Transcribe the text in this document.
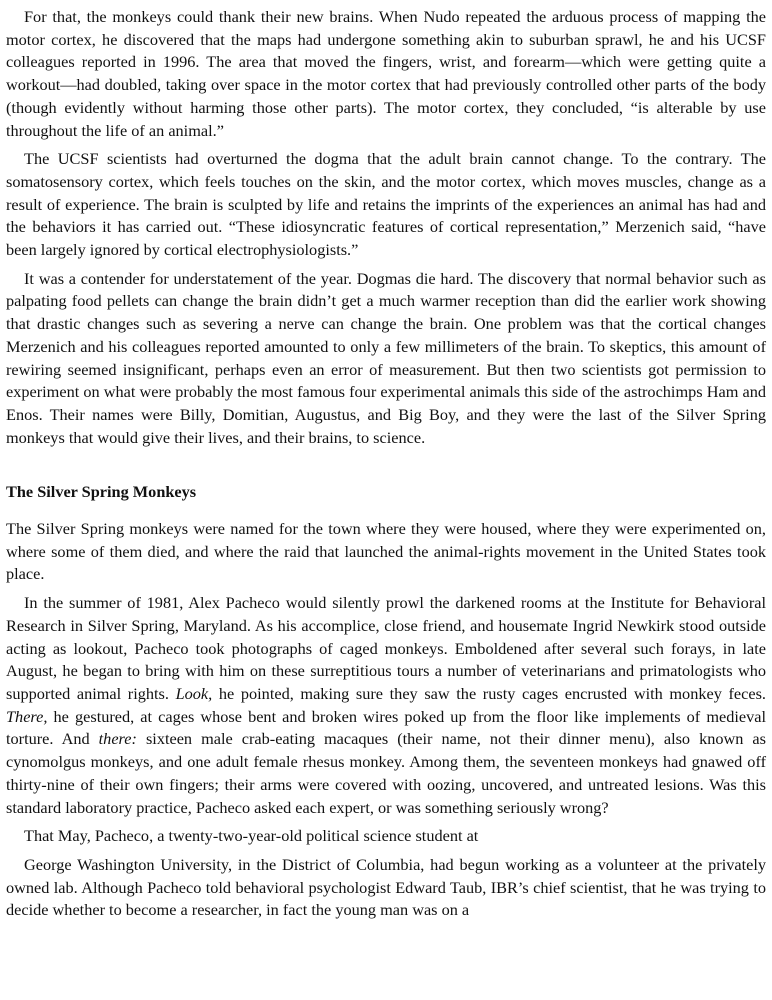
For that, the monkeys could thank their new brains. When Nudo repeated the arduous process of mapping the motor cortex, he discovered that the maps had undergone something akin to suburban sprawl, he and his UCSF colleagues reported in 1996. The area that moved the fingers, wrist, and forearm—which were getting quite a workout—had doubled, taking over space in the motor cortex that had previously controlled other parts of the body (though evidently without harming those other parts). The motor cortex, they concluded, “is alterable by use throughout the life of an animal.”

The UCSF scientists had overturned the dogma that the adult brain cannot change. To the contrary. The somatosensory cortex, which feels touches on the skin, and the motor cortex, which moves muscles, change as a result of experience. The brain is sculpted by life and retains the imprints of the experiences an animal has had and the behaviors it has carried out. “These idiosyncratic features of cortical representation,” Merzenich said, “have been largely ignored by cortical electrophysiologists.”

It was a contender for understatement of the year. Dogmas die hard. The discovery that normal behavior such as palpating food pellets can change the brain didn’t get a much warmer reception than did the earlier work showing that drastic changes such as severing a nerve can change the brain. One problem was that the cortical changes Merzenich and his colleagues reported amounted to only a few millimeters of the brain. To skeptics, this amount of rewiring seemed insignificant, perhaps even an error of measurement. But then two scientists got permission to experiment on what were probably the most famous four experimental animals this side of the astrochimps Ham and Enos. Their names were Billy, Domitian, Augustus, and Big Boy, and they were the last of the Silver Spring monkeys that would give their lives, and their brains, to science.

The Silver Spring Monkeys

The Silver Spring monkeys were named for the town where they were housed, where they were experimented on, where some of them died, and where the raid that launched the animal-rights movement in the United States took place.

In the summer of 1981, Alex Pacheco would silently prowl the darkened rooms at the Institute for Behavioral Research in Silver Spring, Maryland. As his accomplice, close friend, and housemate Ingrid Newkirk stood outside acting as lookout, Pacheco took photographs of caged monkeys. Emboldened after several such forays, in late August, he began to bring with him on these surreptitious tours a number of veterinarians and primatologists who supported animal rights. Look, he pointed, making sure they saw the rusty cages encrusted with monkey feces. There, he gestured, at cages whose bent and broken wires poked up from the floor like implements of medieval torture. And there: sixteen male crab-eating macaques (their name, not their dinner menu), also known as cynomolgus monkeys, and one adult female rhesus monkey. Among them, the seventeen monkeys had gnawed off thirty-nine of their own fingers; their arms were covered with oozing, uncovered, and untreated lesions. Was this standard laboratory practice, Pacheco asked each expert, or was something seriously wrong?

That May, Pacheco, a twenty-two-year-old political science student at

George Washington University, in the District of Columbia, had begun working as a volunteer at the privately owned lab. Although Pacheco told behavioral psychologist Edward Taub, IBR’s chief scientist, that he was trying to decide whether to become a researcher, in fact the young man was on a
